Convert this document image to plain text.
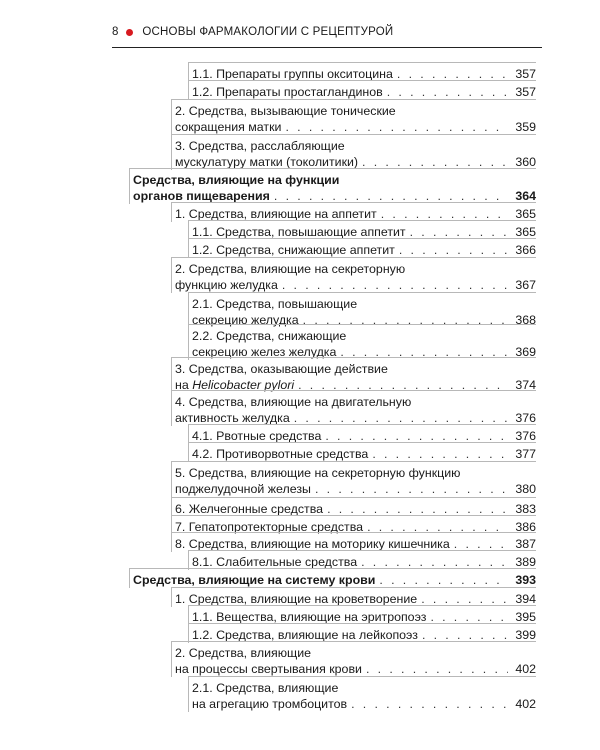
8 ОСНОВЫ ФАРМАКОЛОГИИ С РЕЦЕПТУРОЙ
1.1. Препараты группы окситоцина . . .	357
1.2. Препараты простагландинов . . .	357
2. Средства, вызывающие тонические
сокращения матки . . .	359
3. Средства, расслабляющие
мускулатуру матки (токолитики) . . .	360
Средства, влияющие на функции
органов пищеварения . . .	364
1. Средства, влияющие на аппетит . . .	365
1.1. Средства, повышающие аппетит . . .	365
1.2. Средства, снижающие аппетит . . .	366
2. Средства, влияющие на секреторную
функцию желудка . . .	367
2.1. Средства, повышающие
секрецию желудка . . .	368
2.2. Средства, снижающие
секрецию желез желудка . . .	369
3. Средства, оказывающие действие
на Helicobacter pylori . . .	374
4. Средства, влияющие на двигательную
активность желудка . . .	376
4.1. Рвотные средства . . .	376
4.2. Противорвотные средства . . .	377
5. Средства, влияющие на секреторную функцию
поджелудочной железы . . .	380
6. Желчегонные средства . . .	383
7. Гепатопротекторные средства . . .	386
8. Средства, влияющие на моторику кишечника . . .	387
8.1. Слабительные средства . . .	389
Средства, влияющие на систему крови . . .	393
1. Средства, влияющие на кроветворение . . .	394
1.1. Вещества, влияющие на эритропоэз . . .	395
1.2. Средства, влияющие на лейкопоэз . . .	399
2. Средства, влияющие
на процессы свертывания крови . . .	402
2.1. Средства, влияющие
на агрегацию тромбоцитов . . .	402
